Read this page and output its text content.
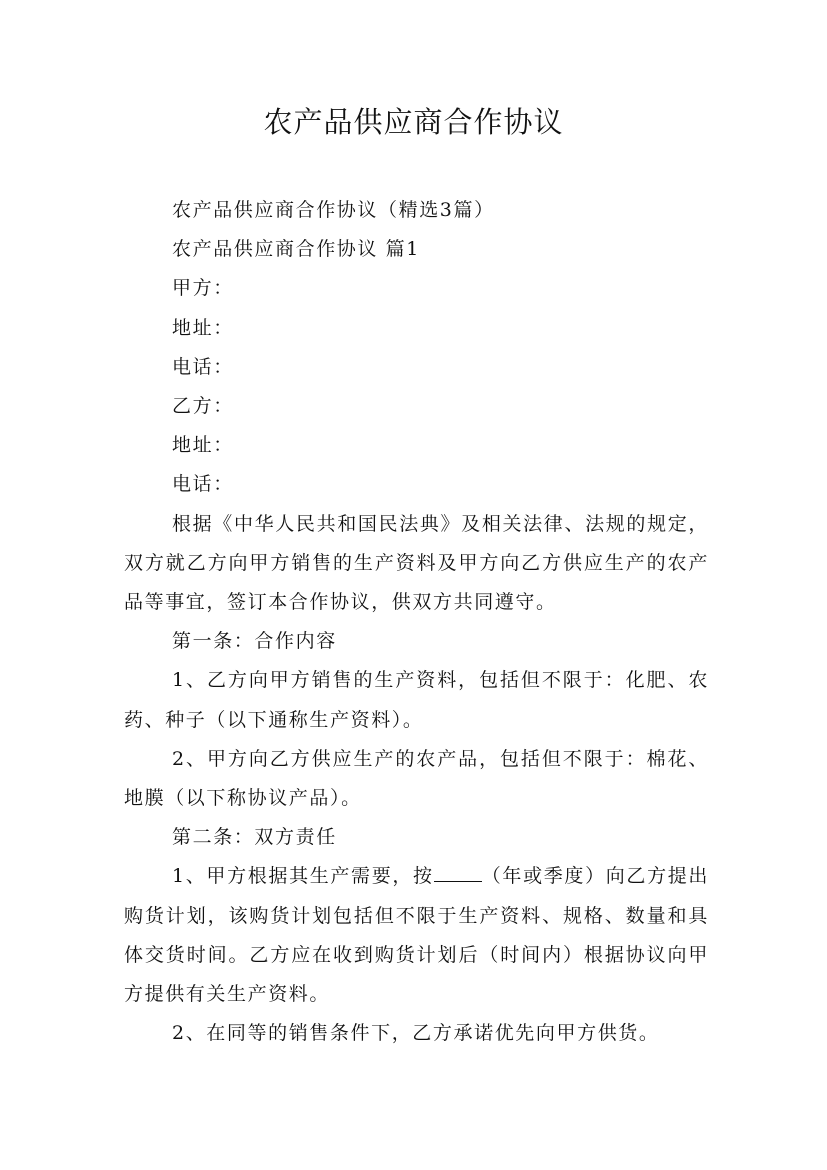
农产品供应商合作协议

农产品供应商合作协议（精选3篇）

农产品供应商合作协议 篇1

甲方：

地址：

电话：

乙方：

地址：

电话：

根据《中华人民共和国民法典》及相关法律、法规的规定，双方就乙方向甲方销售的生产资料及甲方向乙方供应生产的农产品等事宜，签订本合作协议，供双方共同遵守。

第一条：合作内容

1、乙方向甲方销售的生产资料，包括但不限于：化肥、农药、种子（以下通称生产资料）。

2、甲方向乙方供应生产的农产品，包括但不限于：棉花、地膜（以下称协议产品）。

第二条：双方责任

1、甲方根据其生产需要，按	（年或季度）向乙方提出购货计划，该购货计划包括但不限于生产资料、规格、数量和具体交货时间。乙方应在收到购货计划后（时间内）根据协议向甲方提供有关生产资料。

2、在同等的销售条件下，乙方承诺优先向甲方供货。
